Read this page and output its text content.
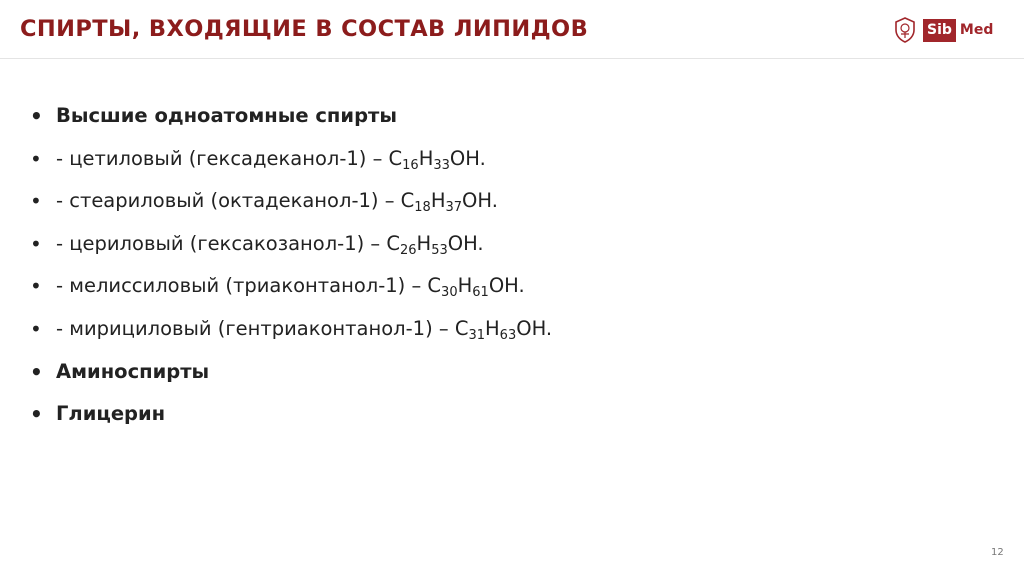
СПИРТЫ, ВХОДЯЩИЕ В СОСТАВ ЛИПИДОВ	Sib Med
• Высшие одноатомные спирты
• - цетиловый (гексадеканол-1) – $C_{16}H_{33}OH$.
• - стеариловый (октадеканол-1) – $C_{18}H_{37}OH$.
• - цериловый (гексакозанол-1) – $C_{26}H_{53}OH$.
• - мелиссиловый (триаконтанол-1) – $C_{30}H_{61}OH$.
• - мирициловый (гентриаконтанол-1) – $C_{31}H_{63}OH$.
• Аминоспирты
• Глицерин
12
